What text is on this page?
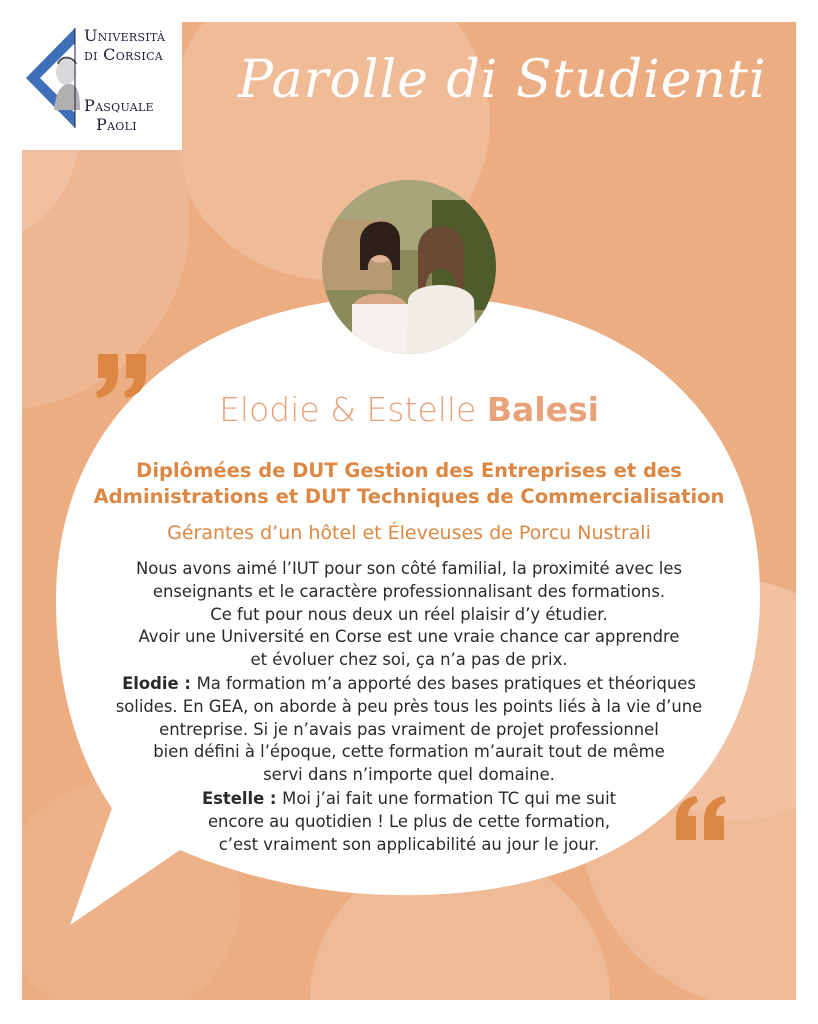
Università
di Corsica
Pasquale
Paoli
Parolle di Studienti
Elodie & Estelle Balesi
Diplômées de DUT Gestion des Entreprises et des
Administrations et DUT Techniques de Commercialisation
Gérantes d’un hôtel et Éleveuses de Porcu Nustrali
Nous avons aimé l’IUT pour son côté familial, la proximité avec les
enseignants et le caractère professionnalisant des formations.
Ce fut pour nous deux un réel plaisir d’y étudier.
Avoir une Université en Corse est une vraie chance car apprendre
et évoluer chez soi, ça n’a pas de prix.
Elodie : Ma formation m’a apporté des bases pratiques et théoriques
solides. En GEA, on aborde à peu près tous les points liés à la vie d’une
entreprise. Si je n’avais pas vraiment de projet professionnel
bien défini à l’époque, cette formation m’aurait tout de même
servi dans n’importe quel domaine.
Estelle : Moi j’ai fait une formation TC qui me suit
encore au quotidien ! Le plus de cette formation,
c’est vraiment son applicabilité au jour le jour.
